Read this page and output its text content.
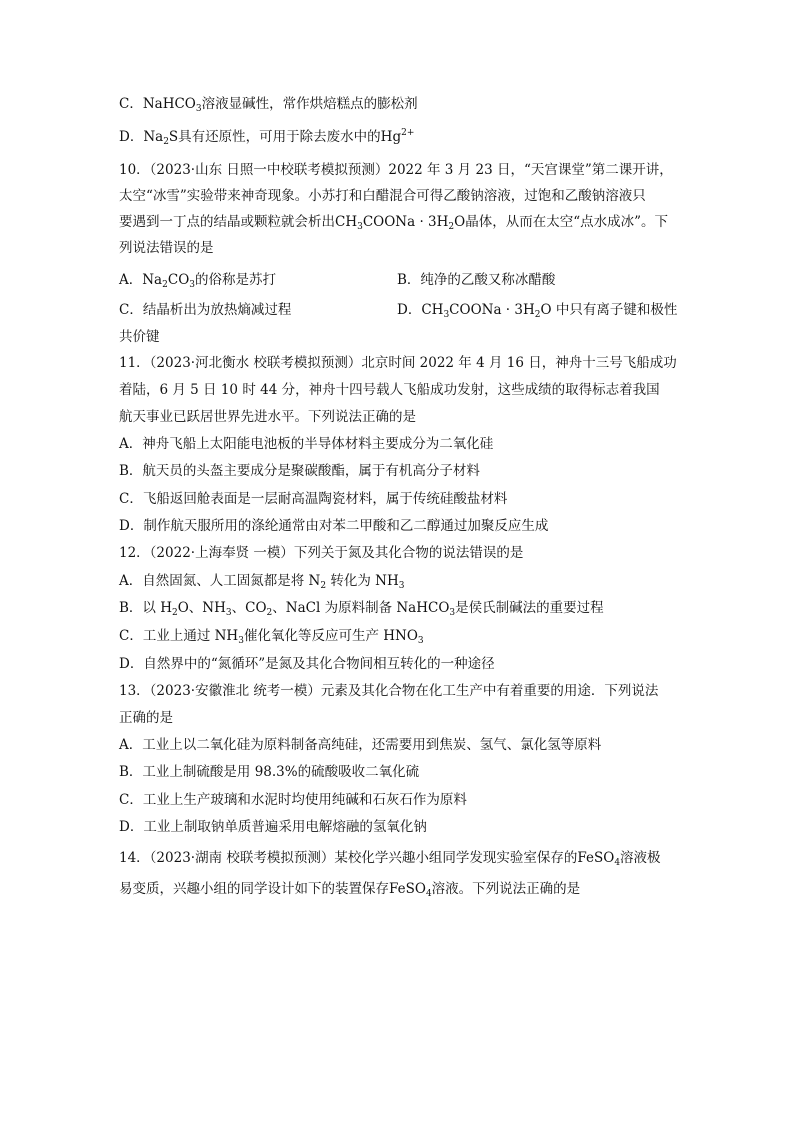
C．NaHCO$_3$溶液显碱性，常作烘焙糕点的膨松剂
D．$Na_2S$具有还原性，可用于除去废水中的$Hg^{2+}$
10．（2023·山东 日照一中校联考模拟预测）2022 年 3 月 23 日，“天宫课堂”第二课开讲，
太空“冰雪”实验带来神奇现象。小苏打和白醋混合可得乙酸钠溶液，过饱和乙酸钠溶液只
要遇到一丁点的结晶或颗粒就会析出$CH_3COONa \cdot 3H_2O$晶体，从而在太空“点水成冰”。下
列说法错误的是
A．$Na_2CO_3$的俗称是苏打	B．纯净的乙酸又称冰醋酸
C．结晶析出为放热熵减过程	D．$CH_3COONa \cdot 3H_2O$ 中只有离子键和极性
共价键
11．（2023·河北衡水 校联考模拟预测）北京时间 2022 年 4 月 16 日，神舟十三号飞船成功
着陆，6 月 5 日 10 时 44 分，神舟十四号载人飞船成功发射，这些成绩的取得标志着我国
航天事业已跃居世界先进水平。下列说法正确的是
A．神舟飞船上太阳能电池板的半导体材料主要成分为二氧化硅
B．航天员的头盔主要成分是聚碳酸酯，属于有机高分子材料
C．飞船返回舱表面是一层耐高温陶瓷材料，属于传统硅酸盐材料
D．制作航天服所用的涤纶通常由对苯二甲酸和乙二醇通过加聚反应生成
12．（2022·上海奉贤 一模）下列关于氮及其化合物的说法错误的是
A．自然固氮、人工固氮都是将 $N_2$ 转化为 $NH_3$
B．以 $H_2O$、$NH_3$、$CO_2$、NaCl 为原料制备 NaHCO$_3$是侯氏制碱法的重要过程
C．工业上通过 $NH_3$催化氧化等反应可生产 $HNO_3$
D．自然界中的“氮循环”是氮及其化合物间相互转化的一种途径
13．（2023·安徽淮北 统考一模）元素及其化合物在化工生产中有着重要的用途．下列说法
正确的是
A．工业上以二氧化硅为原料制备高纯硅，还需要用到焦炭、氢气、氯化氢等原料
B．工业上制硫酸是用 98.3%的硫酸吸收二氧化硫
C．工业上生产玻璃和水泥时均使用纯碱和石灰石作为原料
D．工业上制取钠单质普遍采用电解熔融的氢氧化钠
14．（2023·湖南 校联考模拟预测）某校化学兴趣小组同学发现实验室保存的FeSO$_4$溶液极
易变质，兴趣小组的同学设计如下的装置保存FeSO$_4$溶液。下列说法正确的是
